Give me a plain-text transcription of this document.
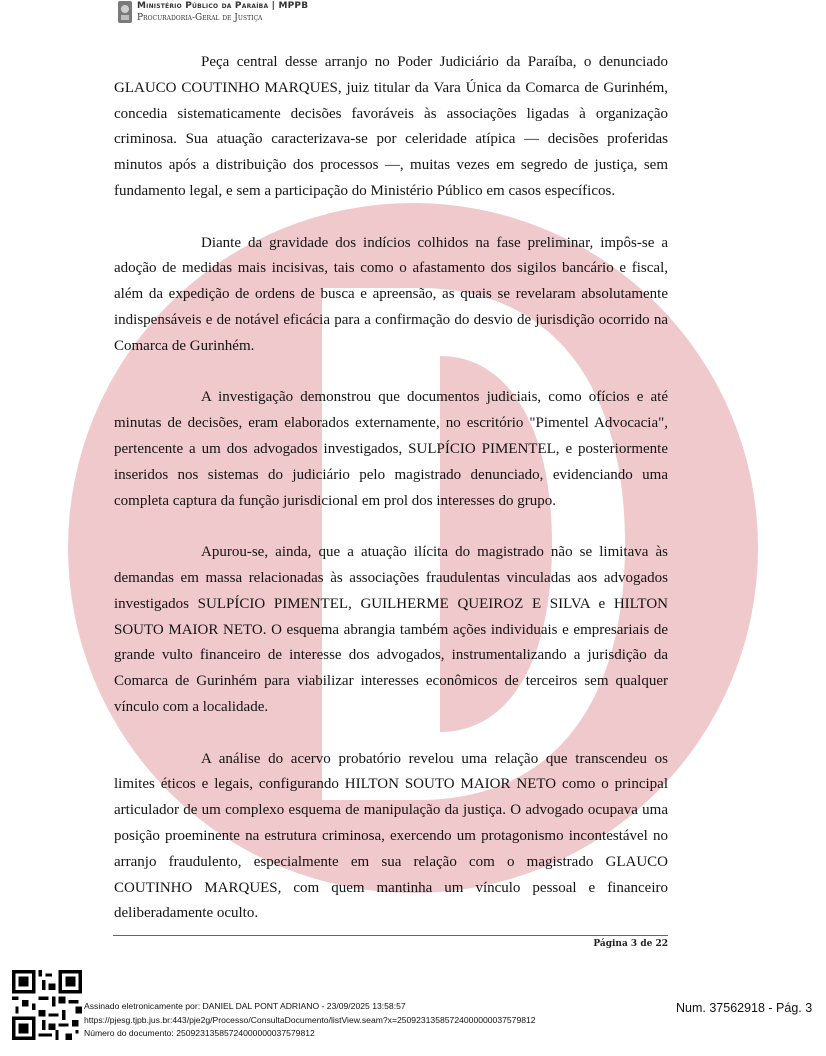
Ministério Público da Paraíba | MPPB
Procuradoria-Geral de Justiça

Peça central desse arranjo no Poder Judiciário da Paraíba, o denunciado GLAUCO COUTINHO MARQUES, juiz titular da Vara Única da Comarca de Gurinhém, concedia sistematicamente decisões favoráveis às associações ligadas à organização criminosa. Sua atuação caracterizava-se por celeridade atípica — decisões proferidas minutos após a distribuição dos processos —, muitas vezes em segredo de justiça, sem fundamento legal, e sem a participação do Ministério Público em casos específicos.

Diante da gravidade dos indícios colhidos na fase preliminar, impôs-se a adoção de medidas mais incisivas, tais como o afastamento dos sigilos bancário e fiscal, além da expedição de ordens de busca e apreensão, as quais se revelaram absolutamente indispensáveis e de notável eficácia para a confirmação do desvio de jurisdição ocorrido na Comarca de Gurinhém.

A investigação demonstrou que documentos judiciais, como ofícios e até minutas de decisões, eram elaborados externamente, no escritório "Pimentel Advocacia", pertencente a um dos advogados investigados, SULPÍCIO PIMENTEL, e posteriormente inseridos nos sistemas do judiciário pelo magistrado denunciado, evidenciando uma completa captura da função jurisdicional em prol dos interesses do grupo.

Apurou-se, ainda, que a atuação ilícita do magistrado não se limitava às demandas em massa relacionadas às associações fraudulentas vinculadas aos advogados investigados SULPÍCIO PIMENTEL, GUILHERME QUEIROZ E SILVA e HILTON SOUTO MAIOR NETO. O esquema abrangia também ações individuais e empresariais de grande vulto financeiro de interesse dos advogados, instrumentalizando a jurisdição da Comarca de Gurinhém para viabilizar interesses econômicos de terceiros sem qualquer vínculo com a localidade.

A análise do acervo probatório revelou uma relação que transcendeu os limites éticos e legais, configurando HILTON SOUTO MAIOR NETO como o principal articulador de um complexo esquema de manipulação da justiça. O advogado ocupava uma posição proeminente na estrutura criminosa, exercendo um protagonismo incontestável no arranjo fraudulento, especialmente em sua relação com o magistrado GLAUCO COUTINHO MARQUES, com quem mantinha um vínculo pessoal e financeiro deliberadamente oculto.

Página 3 de 22
Assinado eletronicamente por: DANIEL DAL PONT ADRIANO - 23/09/2025 13:58:57
https://pjesg.tjpb.jus.br:443/pje2g/Processo/ConsultaDocumento/listView.seam?x=25092313585724000000037579812
Número do documento: 25092313585724000000037579812
Num. 37562918 - Pág. 3
